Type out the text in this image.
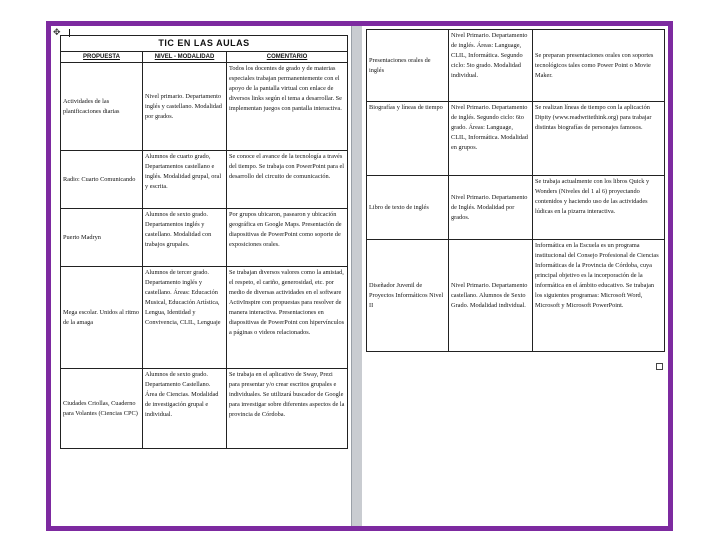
✥
TIC EN LAS AULAS		
PROPUESTA	NIVEL - MODALIDAD	COMENTARIO
Actividades de las planificaciones diarias	Nivel primario. Departamento inglés y castellano. Modalidad por grados.	Todos los docentes de grado y de materias especiales trabajan permanentemente con el apoyo de la pantalla virtual con enlace de diversos links según el tema a desarrollar. Se implementan juegos con pantalla interactiva.
Radio: Cuarto Comunicando	Alumnos de cuarto grado, Departamentos castellano e inglés. Modalidad grupal, oral y escrita.	Se conoce el avance de la tecnología a través del tiempo. Se trabaja con PowerPoint para el desarrollo del circuito de comunicación.
Puerto Madryn	Alumnos de sexto grado. Departamentos inglés y castellano. Modalidad con trabajos grupales.	Por grupos ubicaron, pasearon y ubicación geográfica en Google Maps. Presentación de diapositivas de PowerPoint como soporte de exposiciones orales.
Mega escolar. Unidos al ritmo de la amaga	Alumnos de tercer grado. Departamento inglés y castellano. Áreas: Educación Musical, Educación Artística, Lengua, Identidad y Convivencia, CLIL, Lenguaje	Se trabajan diversos valores como la amistad, el respeto, el cariño, generosidad, etc. por medio de diversas actividades en el software ActivInspire con propuestas para resolver de manera interactiva. Presentaciones en diapositivas de PowerPoint con hipervínculos a páginas o videos relacionados.
Ciudades Criollas, Cuaderno para Volantes (Ciencias CPC)	Alumnos de sexto grado. Departamento Castellano. Área de Ciencias. Modalidad de investigación grupal e individual.	Se trabaja en el aplicativo de Sway, Prezi para presentar y/o crear escritos grupales e individuales. Se utilizará buscador de Google para investigar sobre diferentes aspectos de la provincia de Córdoba.
Presentaciones orales de inglés	Nivel Primario. Departamento de inglés. Áreas: Language, CLIL, Informática. Segundo ciclo: 5to grado. Modalidad individual.	Se preparan presentaciones orales con soportes tecnológicos tales como Power Point o Movie Maker.
Biografías y líneas de tiempo	Nivel Primario. Departamento de inglés. Segundo ciclo: 6to grado. Áreas: Language, CLIL, Informática. Modalidad en grupos.	Se realizan líneas de tiempo con la aplicación Dipity (www.readwritethink.org) para trabajar distintas biografías de personajes famosos.
Libro de texto de inglés	Nivel Primario. Departamento de Inglés. Modalidad por grados.	Se trabaja actualmente con los libros Quick y Wonders (Niveles del 1 al 6) proyectando contenidos y haciendo uso de las actividades lúdicas en la pizarra interactiva.
Diseñador Juvenil de Proyectos Informáticos Nivel II	Nivel Primario. Departamento castellano. Alumnos de Sexto Grado. Modalidad individual.	Informática en la Escuela es un programa institucional del Consejo Profesional de Ciencias Informáticas de la Provincia de Córdoba, cuya principal objetivo es la incorporación de la informática en el ámbito educativo. Se trabajan los siguientes programas: Microsoft Word, Microsoft y Microsoft PowerPoint.
